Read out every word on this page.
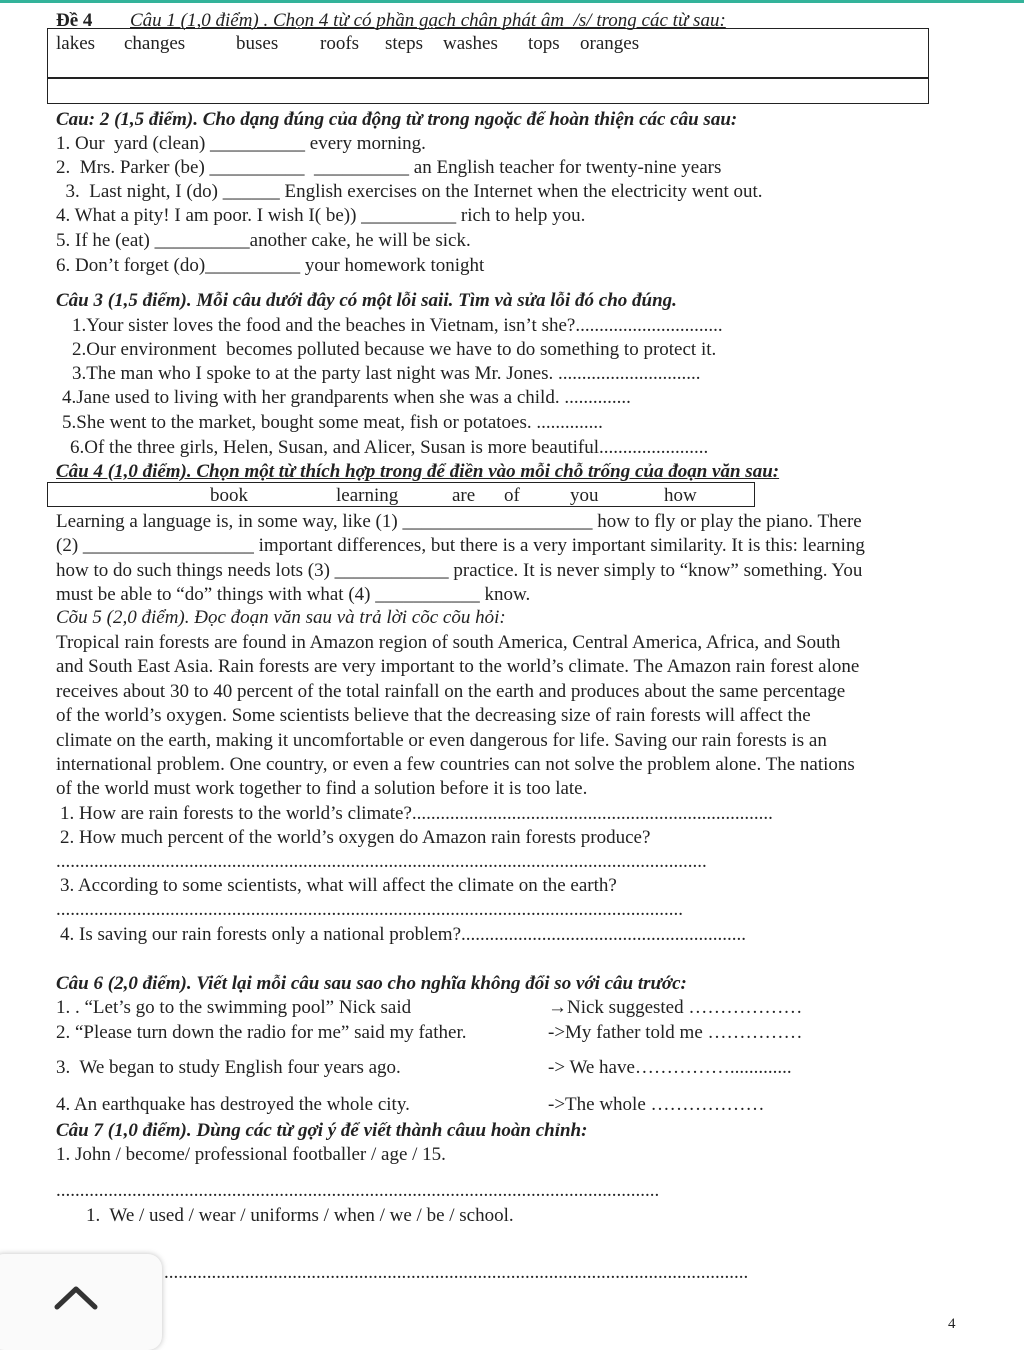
Đề 4 Câu 1 (1,0 điểm) . Chọn 4 từ có phần gạch chân phát âm  /s/ trong các từ sau:
lakes changes	buses roofs steps washes tops oranges
Cau: 2 (1,5 điểm). Cho dạng đúng của động từ trong ngoặc để hoàn thiện các câu sau:
1. Our  yard (clean) __________ every morning.
2.  Mrs. Parker (be) __________  __________ an English teacher for twenty-nine years
3.  Last night, I (do) ______ English exercises on the Internet when the electricity went out.
4. What a pity! I am poor. I wish I( be)) __________ rich to help you.
5. If he (eat) __________another cake, he will be sick.
6. Don’t forget (do)__________ your homework tonight
Câu 3 (1,5 điểm). Mỗi câu dưới đây có một lỗi saii. Tìm và sửa lỗi đó cho đúng.
1.Your sister loves the food and the beaches in Vietnam, isn’t she?...............................
2.Our environment  becomes polluted because we have to do something to protect it.
3.The man who I spoke to at the party last night was Mr. Jones. ..............................
4.Jane used to living with her grandparents when she was a child. ..............
5.She went to the market, bought some meat, fish or potatoes. ..............
6.Of the three girls, Helen, Susan, and Alicer, Susan is more beautiful.......................
Câu 4 (1,0 điểm). Chọn một từ thích hợp trong để điền vào mỗi chỗ trống của đoạn văn sau:
book	learning	are of	you	how
Learning a language is, in some way, like (1) ____________________ how to fly or play the piano. There
(2) __________________ important differences, but there is a very important similarity. It is this: learning
how to do such things needs lots (3) ____________ practice. It is never simply to “know” something. You
must be able to “do” things with what (4) ___________ know.
Cõu 5 (2,0 điểm). Đọc đoạn văn sau và trả lời cõc cõu hỏi:
Tropical rain forests are found in Amazon region of south America, Central America, Africa, and South
and South East Asia. Rain forests are very important to the world’s climate. The Amazon rain forest alone
receives about 30 to 40 percent of the total rainfall on the earth and produces about the same percentage
of the world’s oxygen. Some scientists believe that the decreasing size of rain forests will affect the
climate on the earth, making it uncomfortable or even dangerous for life. Saving our rain forests is an
international problem. One country, or even a few countries can not solve the problem alone. The nations
of the world must work together to find a solution before it is too late.
1. How are rain forests to the world’s climate?............................................................................
2. How much percent of the world’s oxygen do Amazon rain forests produce?
.........................................................................................................................................
3. According to some scientists, what will affect the climate on the earth?
....................................................................................................................................
4. Is saving our rain forests only a national problem?............................................................
Câu 6 (2,0 điểm). Viết lại mỗi câu sau sao cho nghĩa không đổi so với câu trước:
1. . “Let’s go to the swimming pool” Nick said	→Nick suggested ………………
2. “Please turn down the radio for me” said my father.	->My father told me ……………
3.  We began to study English four years ago.	-> We have…………….............
4. An earthquake has destroyed the whole city.	->The whole ………………
Câu 7 (1,0 điểm). Dùng các từ gợi ý để viết thành câuu hoàn chỉnh:
1. John / become/ professional footballer / age / 15.
...............................................................................................................................
1.  We / used / wear / uniforms / when / we / be / school.
...........................................................................................................................
4
